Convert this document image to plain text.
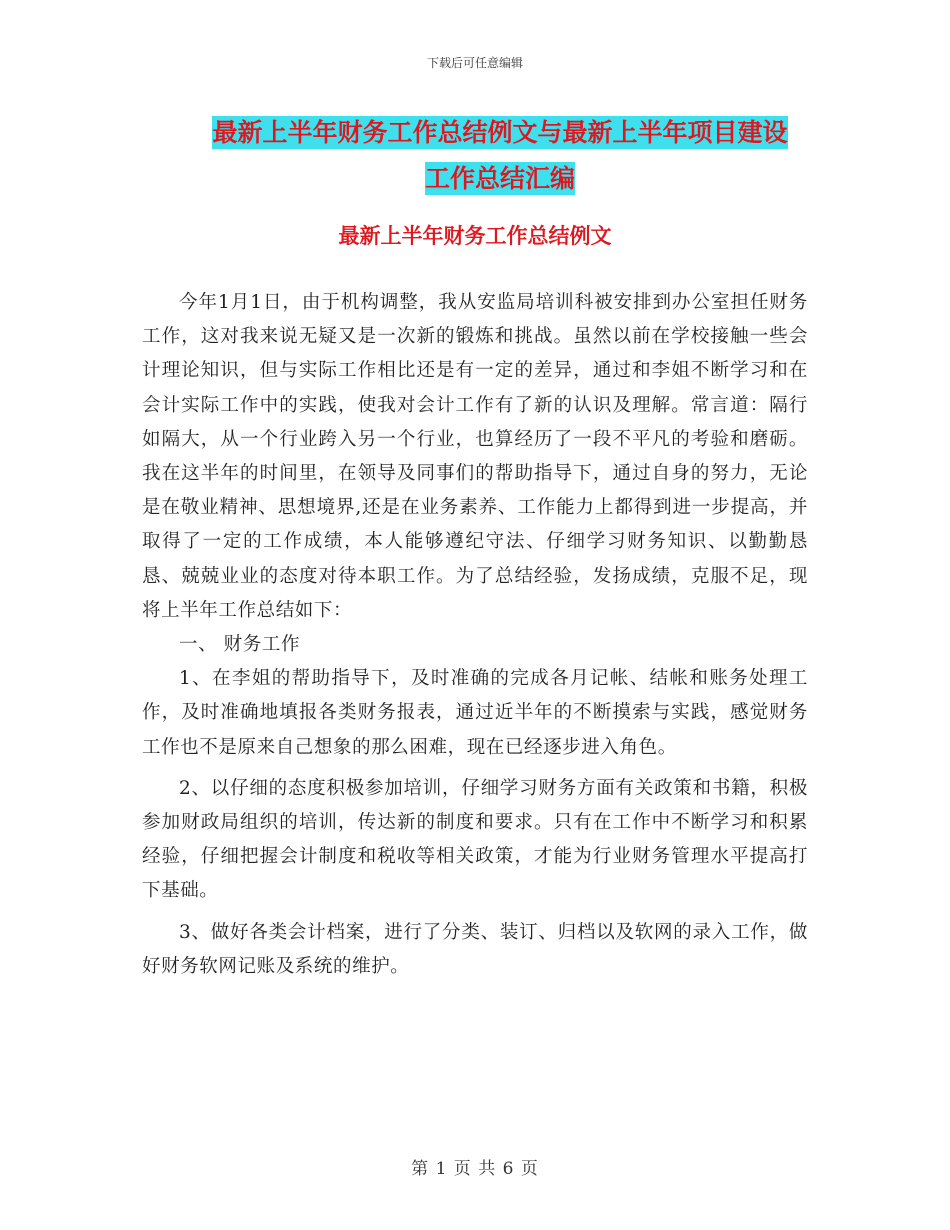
下载后可任意编辑
最新上半年财务工作总结例文与最新上半年项目建设
工作总结汇编
最新上半年财务工作总结例文

今年1月1日，由于机构调整，我从安监局培训科被安排到办公室担任财务工作，这对我来说无疑又是一次新的锻炼和挑战。虽然以前在学校接触一些会计理论知识，但与实际工作相比还是有一定的差异，通过和李姐不断学习和在会计实际工作中的实践，使我对会计工作有了新的认识及理解。常言道：隔行如隔大，从一个行业跨入另一个行业，也算经历了一段不平凡的考验和磨砺。我在这半年的时间里，在领导及同事们的帮助指导下，通过自身的努力，无论是在敬业精神、思想境界,还是在业务素养、工作能力上都得到进一步提高，并取得了一定的工作成绩，本人能够遵纪守法、仔细学习财务知识、以勤勤恳恳、兢兢业业的态度对待本职工作。为了总结经验，发扬成绩，克服不足，现将上半年工作总结如下：

一、 财务工作

1、在李姐的帮助指导下，及时准确的完成各月记帐、结帐和账务处理工作，及时准确地填报各类财务报表，通过近半年的不断摸索与实践，感觉财务工作也不是原来自己想象的那么困难，现在已经逐步进入角色。

2、以仔细的态度积极参加培训，仔细学习财务方面有关政策和书籍，积极参加财政局组织的培训，传达新的制度和要求。只有在工作中不断学习和积累经验，仔细把握会计制度和税收等相关政策，才能为行业财务管理水平提高打下基础。

3、做好各类会计档案，进行了分类、装订、归档以及软网的录入工作，做好财务软网记账及系统的维护。

第 1 页 共 6 页
